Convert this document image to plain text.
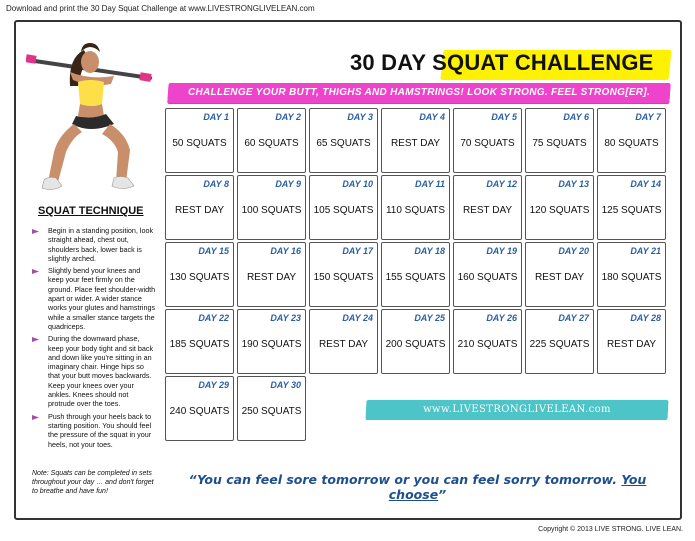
Download and print the 30 Day Squat Challenge at www.LIVESTRONGLIVELEAN.com
SQUAT TECHNIQUE
Begin in a standing position, look straight ahead, chest out, shoulders back, lower back is slightly arched.
Slightly bend your knees and keep your feet firmly on the ground. Place feet shoulder-width apart or wider. A wider stance works your glutes and hamstrings while a smaller stance targets the quadriceps.
During the downward phase, keep your body tight and sit back and down like you're sitting in an imaginary chair. Hinge hips so that your butt moves backwards. Keep your knees over your ankles. Knees should not protrude over the toes.
Push through your heels back to starting position. You should feel the pressure of the squat in your heels, not your toes.
Note: Squats can be completed in sets throughout your day … and don't forget to breathe and have fun!
30 DAY SQUAT CHALLENGE
CHALLENGE YOUR BUTT, THIGHS AND HAMSTRINGS! LOOK STRONG. FEEL STRONG[ER].
DAY 1
50 SQUATS
DAY 2
60 SQUATS
DAY 3
65 SQUATS
DAY 4
REST DAY
DAY 5
70 SQUATS
DAY 6
75 SQUATS
DAY 7
80 SQUATS
DAY 8
REST DAY
DAY 9
100 SQUATS
DAY 10
105 SQUATS
DAY 11
110 SQUATS
DAY 12
REST DAY
DAY 13
120 SQUATS
DAY 14
125 SQUATS
DAY 15
130 SQUATS
DAY 16
REST DAY
DAY 17
150 SQUATS
DAY 18
155 SQUATS
DAY 19
160 SQUATS
DAY 20
REST DAY
DAY 21
180 SQUATS
DAY 22
185 SQUATS
DAY 23
190 SQUATS
DAY 24
REST DAY
DAY 25
200 SQUATS
DAY 26
210 SQUATS
DAY 27
225 SQUATS
DAY 28
REST DAY
DAY 29
240 SQUATS
DAY 30
250 SQUATS	www.LIVESTRONGLIVELEAN.com
“You can feel sore tomorrow or you can feel sorry tomorrow. You choose”
Copyright © 2013 LIVE STRONG. LIVE LEAN.
